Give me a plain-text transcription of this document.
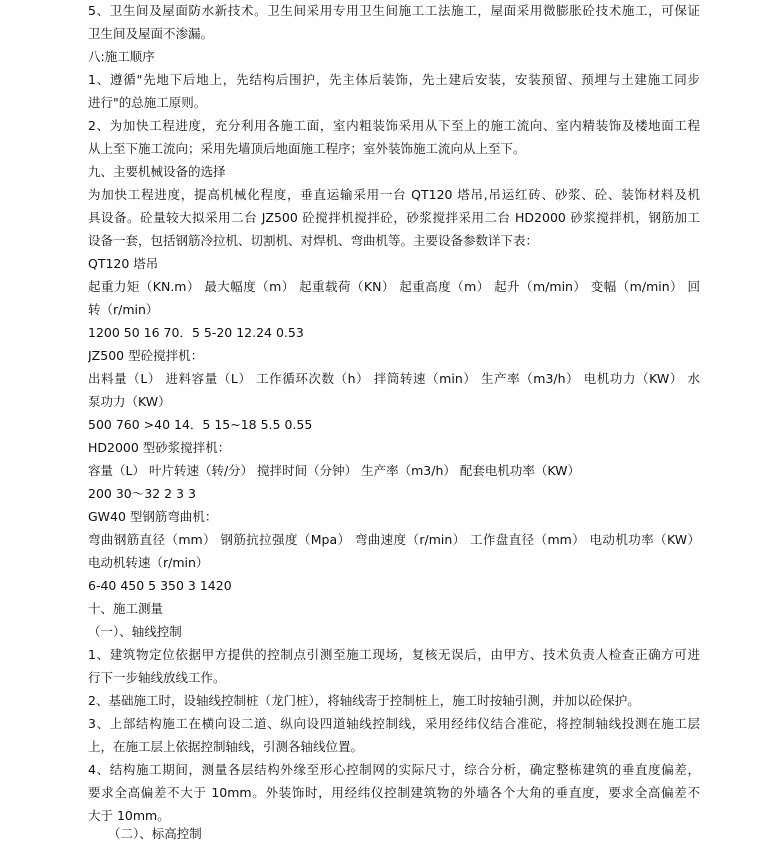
5、卫生间及屋面防水新技术。卫生间采用专用卫生间施工工法施工，屋面采用微膨胀砼技术施工，可保证
卫生间及屋面不渗漏。
八:施工顺序
1、遵循"先地下后地上，先结构后围护，先主体后装饰，先土建后安装，安装预留、预埋与土建施工同步
进行"的总施工原则。
2、为加快工程进度，充分利用各施工面，室内粗装饰采用从下至上的施工流向、室内精装饰及楼地面工程
从上至下施工流向；采用先墙顶后地面施工程序；室外装饰施工流向从上至下。
九、主要机械设备的选择
为加快工程进度，提高机械化程度，垂直运输采用一台 QT120 塔吊,吊运红砖、砂浆、砼、装饰材料及机
具设备。砼量较大拟采用二台 JZ500 砼搅拌机搅拌砼，砂浆搅拌采用二台 HD2000 砂浆搅拌机，钢筋加工
设备一套，包括钢筋冷拉机、切割机、对焊机、弯曲机等。主要设备参数详下表：
QT120 塔吊
起重力矩（KN.m） 最大幅度（m） 起重载荷（KN） 起重高度（m） 起升（m/min） 变幅（m/min） 回
转（r/min）
1200 50 16 70．5 5-20 12.24 0.53
JZ500 型砼搅拌机：
出料量（L） 进料容量（L） 工作循环次数（h） 拌筒转速（min） 生产率（m3/h） 电机功力（KW） 水
泵功力（KW）
500 760 >40 14．5 15~18 5.5 0.55
HD2000 型砂浆搅拌机：
容量（L） 叶片转速（转/分） 搅拌时间（分钟） 生产率（m3/h） 配套电机功率（KW）
200 30～32 2 3 3
GW40 型钢筋弯曲机：
弯曲钢筋直径（mm） 钢筋抗拉强度（Mpa） 弯曲速度（r/min） 工作盘直径（mm） 电动机功率（KW）
电动机转速（r/min）
6-40 450 5 350 3 1420
十、施工测量
（一）、轴线控制
1、建筑物定位依据甲方提供的控制点引测至施工现场，复核无误后，由甲方、技术负责人检查正确方可进
行下一步轴线放线工作。
2、基础施工时，设轴线控制桩（龙门桩），将轴线寄于控制桩上，施工时按轴引测，并加以砼保护。
3、上部结构施工在横向设二道、纵向设四道轴线控制线，采用经纬仪结合准砣，将控制轴线投测在施工层
上，在施工层上依据控制轴线，引测各轴线位置。
4、结构施工期间，测量各层结构外缘至形心控制网的实际尺寸，综合分析，确定整栋建筑的垂直度偏差，
要求全高偏差不大于 10mm。外装饰时，用经纬仪控制建筑物的外墙各个大角的垂直度，要求全高偏差不
大于 10mm。
（二）、标高控制
